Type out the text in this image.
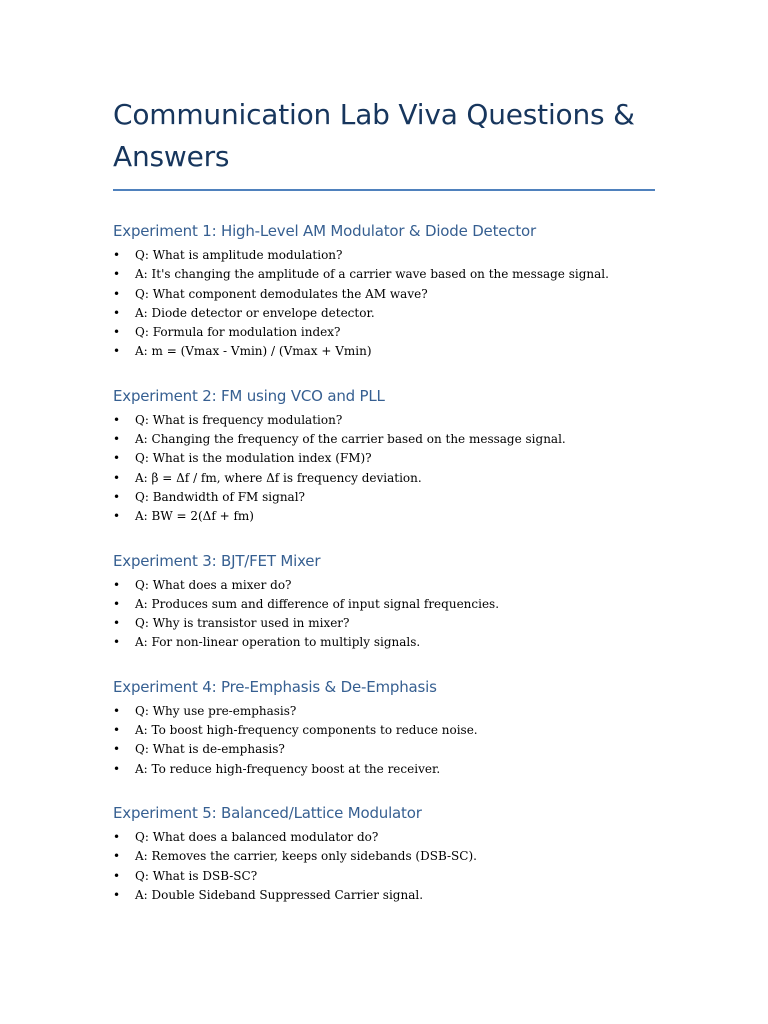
Communication Lab Viva Questions & Answers
Experiment 1: High-Level AM Modulator & Diode Detector
• Q: What is amplitude modulation?
• A: It's changing the amplitude of a carrier wave based on the message signal.
• Q: What component demodulates the AM wave?
• A: Diode detector or envelope detector.
• Q: Formula for modulation index?
• A: m = (Vmax - Vmin) / (Vmax + Vmin)
Experiment 2: FM using VCO and PLL
• Q: What is frequency modulation?
• A: Changing the frequency of the carrier based on the message signal.
• Q: What is the modulation index (FM)?
• A: β = Δf / fm, where Δf is frequency deviation.
• Q: Bandwidth of FM signal?
• A: BW = 2(Δf + fm)
Experiment 3: BJT/FET Mixer
• Q: What does a mixer do?
• A: Produces sum and difference of input signal frequencies.
• Q: Why is transistor used in mixer?
• A: For non-linear operation to multiply signals.
Experiment 4: Pre-Emphasis & De-Emphasis
• Q: Why use pre-emphasis?
• A: To boost high-frequency components to reduce noise.
• Q: What is de-emphasis?
• A: To reduce high-frequency boost at the receiver.
Experiment 5: Balanced/Lattice Modulator
• Q: What does a balanced modulator do?
• A: Removes the carrier, keeps only sidebands (DSB-SC).
• Q: What is DSB-SC?
• A: Double Sideband Suppressed Carrier signal.
